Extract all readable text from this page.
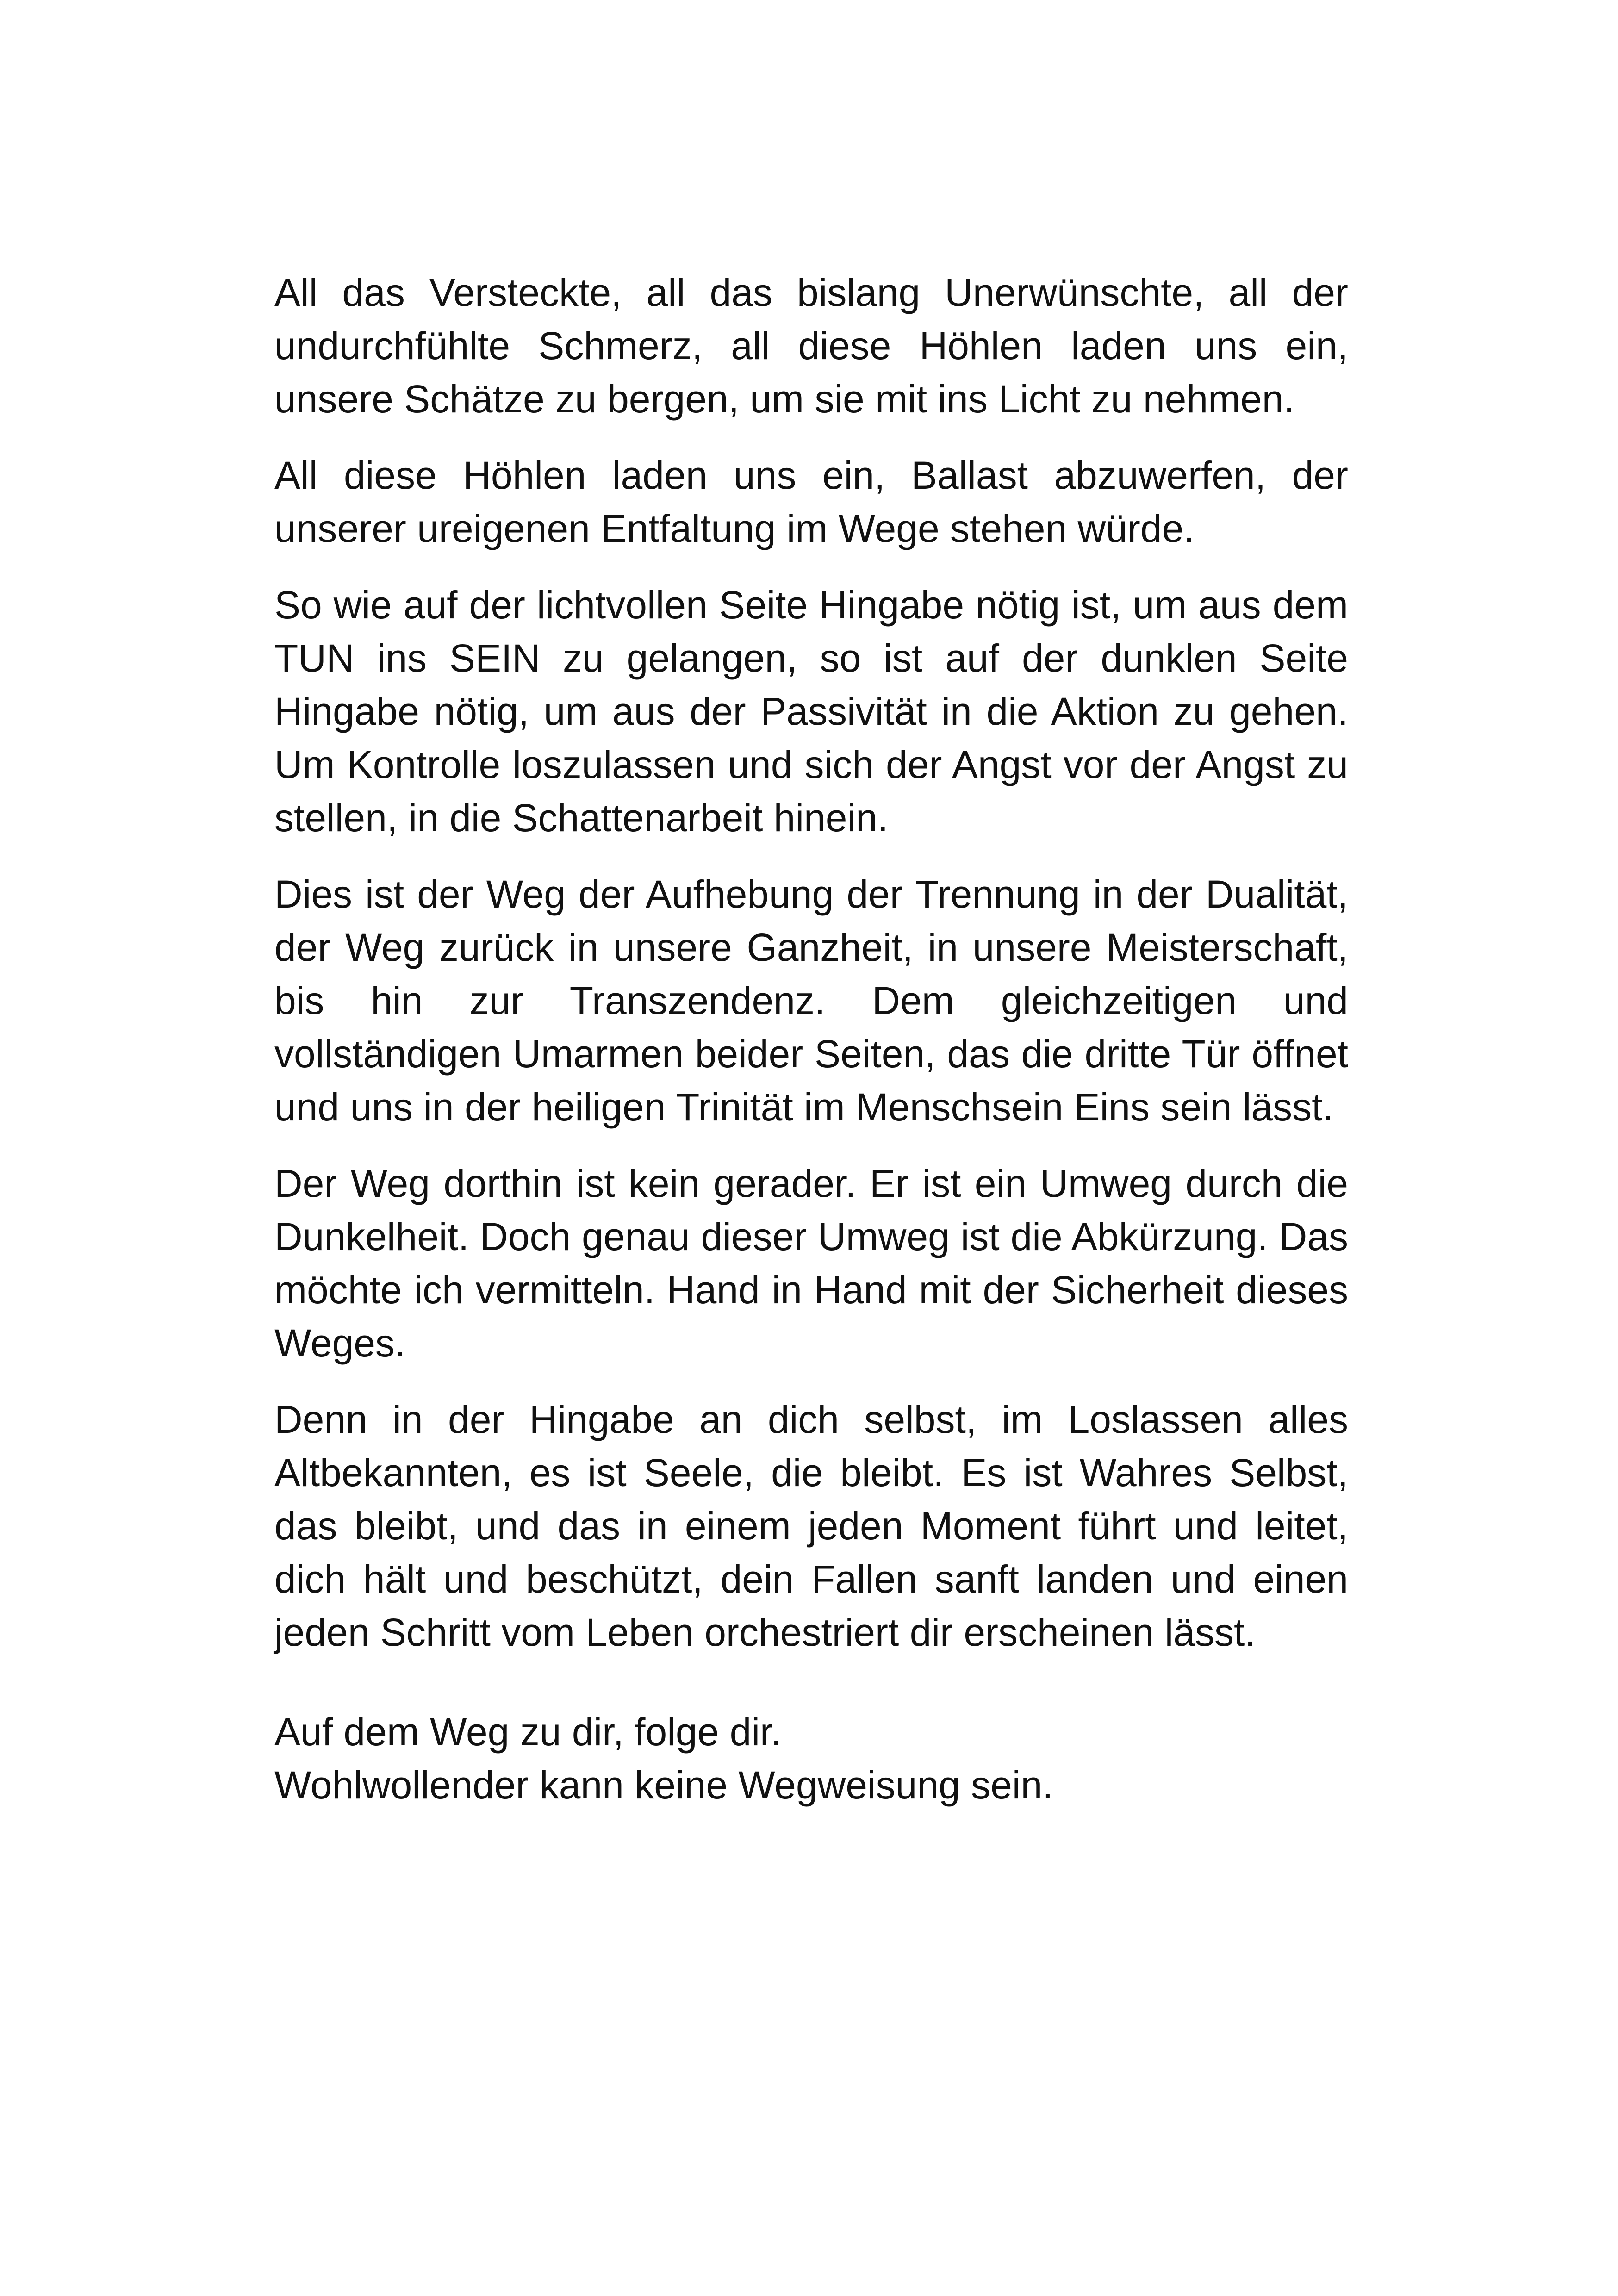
All das Versteckte, all das bislang Unerwünschte, all der undurchfühlte Schmerz, all diese Höhlen laden uns ein, unsere Schätze zu bergen, um sie mit ins Licht zu nehmen.

All diese Höhlen laden uns ein, Ballast abzuwerfen, der unserer ureigenen Entfaltung im Wege stehen würde.

So wie auf der lichtvollen Seite Hingabe nötig ist, um aus dem TUN ins SEIN zu gelangen, so ist auf der dunklen Seite Hingabe nötig, um aus der Passivität in die Aktion zu gehen. Um Kontrolle loszulassen und sich der Angst vor der Angst zu stellen, in die Schattenarbeit hinein.

Dies ist der Weg der Aufhebung der Trennung in der Dualität, der Weg zurück in unsere Ganzheit, in unsere Meisterschaft, bis hin zur Transzendenz. Dem gleichzeitigen und vollständigen Umarmen beider Seiten, das die dritte Tür öffnet und uns in der heiligen Trinität im Menschsein Eins sein lässt.

Der Weg dorthin ist kein gerader. Er ist ein Umweg durch die Dunkelheit. Doch genau dieser Umweg ist die Abkürzung. Das möchte ich vermitteln. Hand in Hand mit der Sicherheit dieses Weges.

Denn in der Hingabe an dich selbst, im Loslassen alles Altbekannten, es ist Seele, die bleibt. Es ist Wahres Selbst, das bleibt, und das in einem jeden Moment führt und leitet, dich hält und beschützt, dein Fallen sanft landen und einen jeden Schritt vom Leben orchestriert dir erscheinen lässt.

Auf dem Weg zu dir, folge dir.
Wohlwollender kann keine Wegweisung sein.
